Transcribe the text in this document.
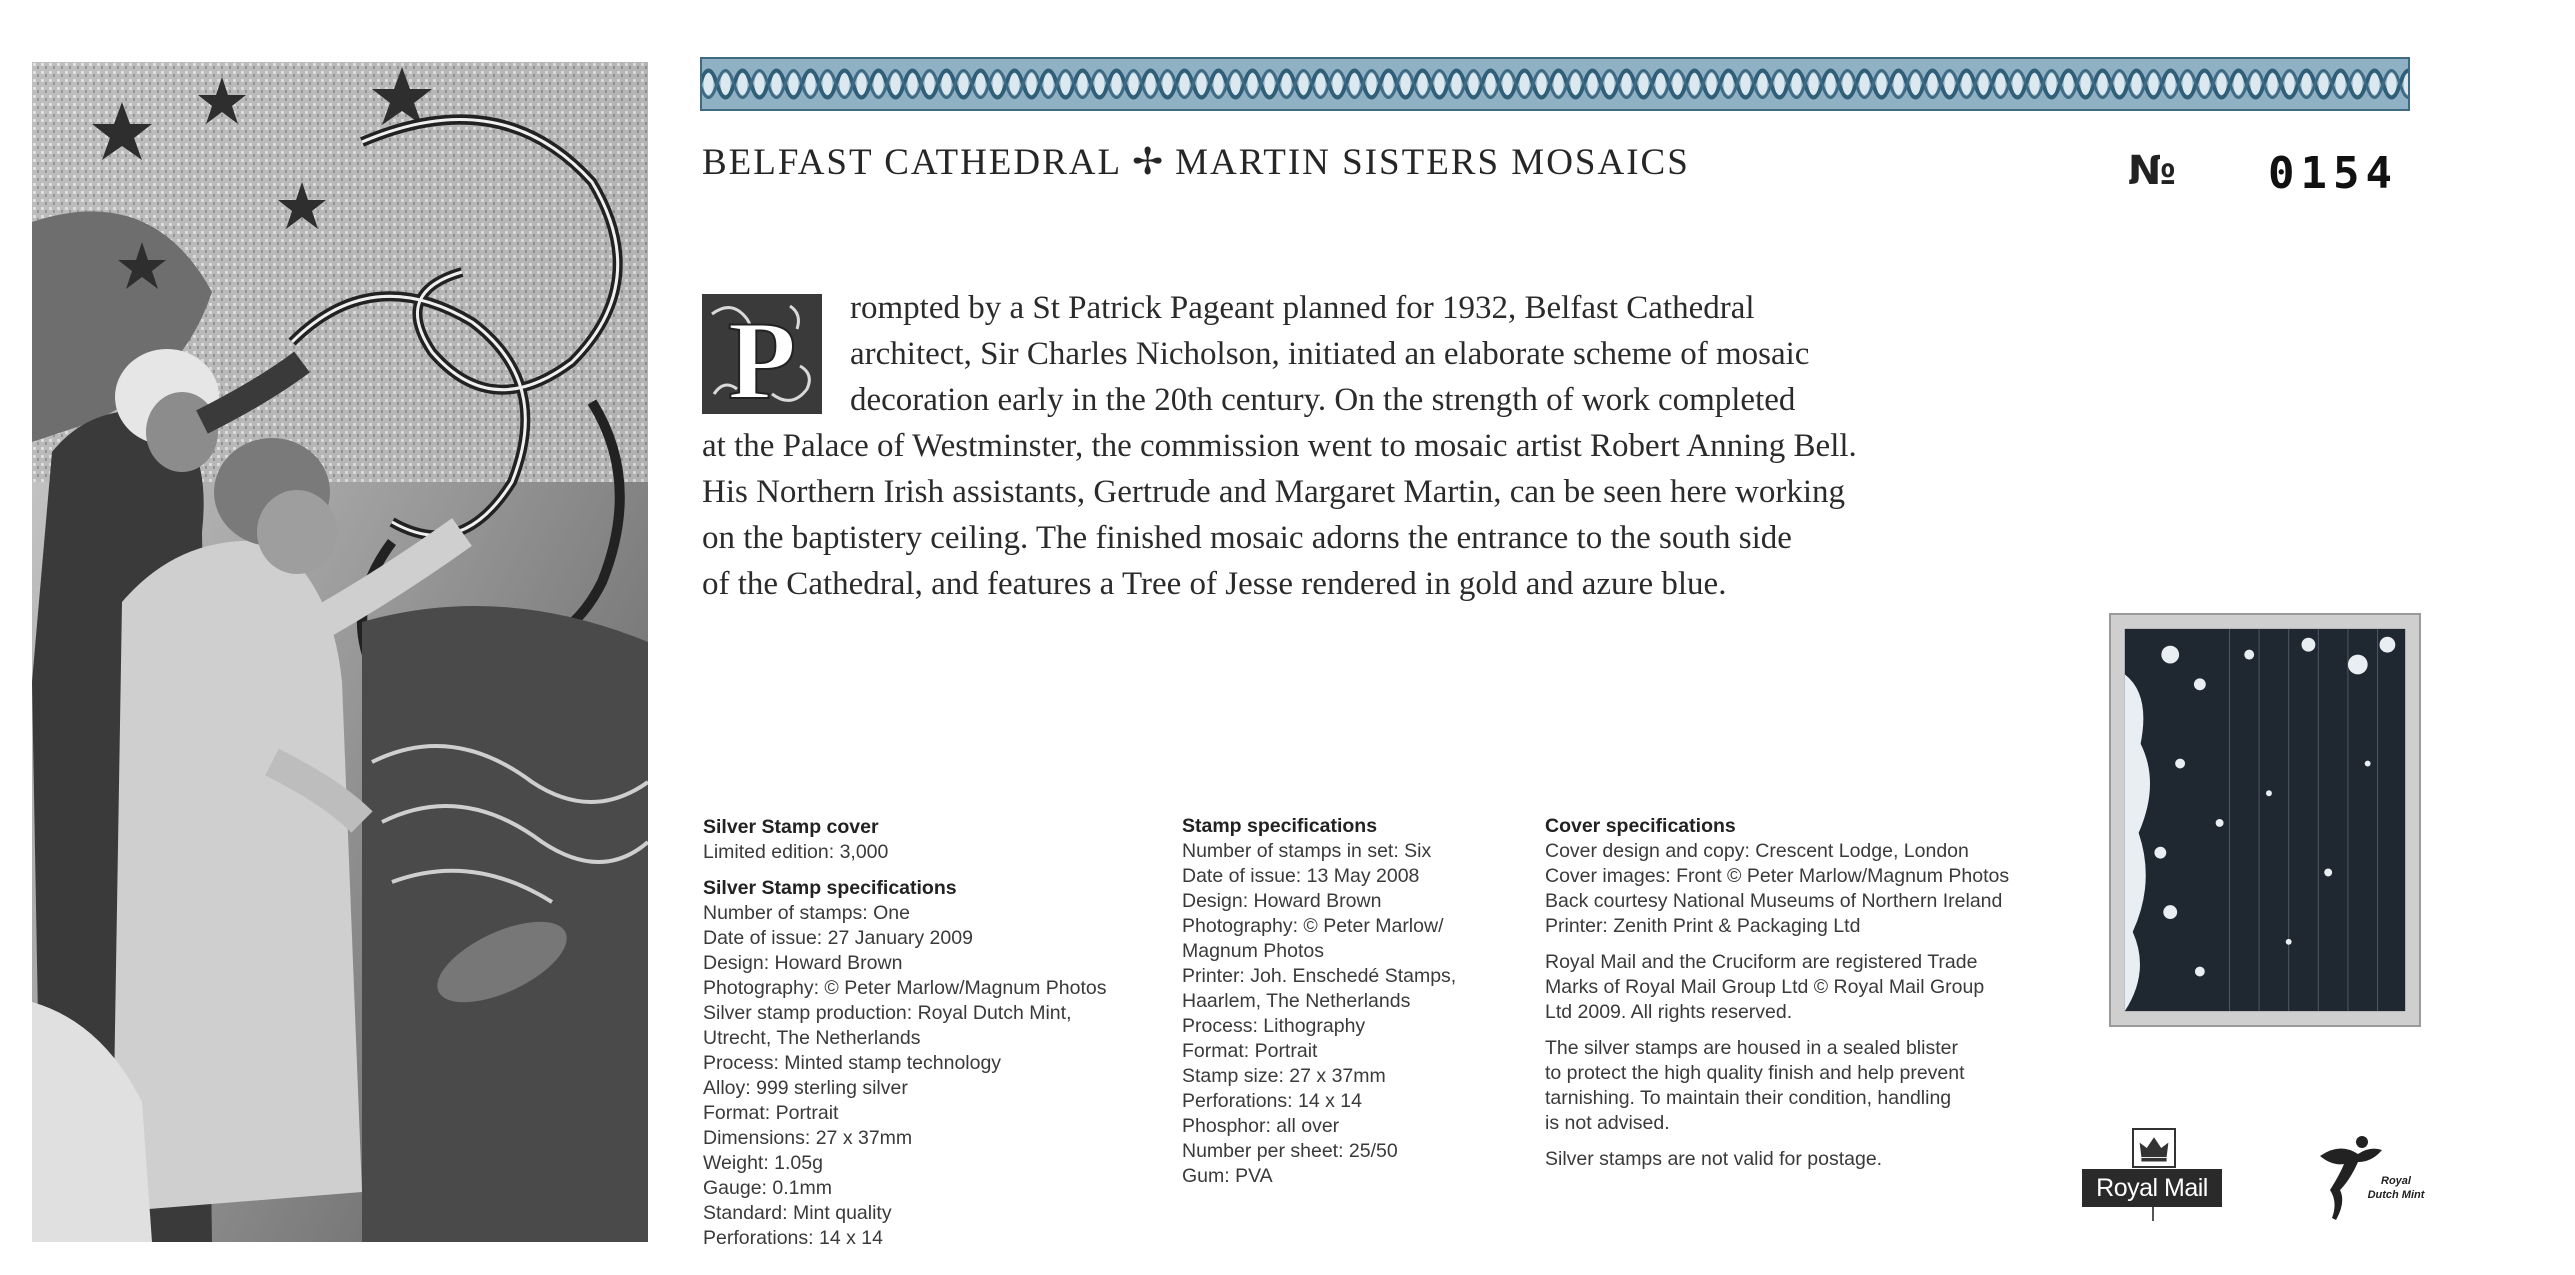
BELFAST CATHEDRAL ✢ MARTIN SISTERS MOSAICS	№ 0154
P	rompted by a St Patrick Pageant planned for 1932, Belfast Cathedral
architect, Sir Charles Nicholson, initiated an elaborate scheme of mosaic
decoration early in the 20th century. On the strength of work completed
at the Palace of Westminster, the commission went to mosaic artist Robert Anning Bell.
His Northern Irish assistants, Gertrude and Margaret Martin, can be seen here working
on the baptistery ceiling. The finished mosaic adorns the entrance to the south side
of the Cathedral, and features a Tree of Jesse rendered in gold and azure blue.
Silver Stamp cover
Limited edition: 3,000
Silver Stamp specifications
Number of stamps: One
Date of issue: 27 January 2009
Design: Howard Brown
Photography: © Peter Marlow/Magnum Photos
Silver stamp production: Royal Dutch Mint,
Utrecht, The Netherlands
Process: Minted stamp technology
Alloy: 999 sterling silver
Format: Portrait
Dimensions: 27 x 37mm
Weight: 1.05g
Gauge: 0.1mm
Standard: Mint quality
Perforations: 14 x 14
Stamp specifications
Number of stamps in set: Six
Date of issue: 13 May 2008
Design: Howard Brown
Photography: © Peter Marlow/
Magnum Photos
Printer: Joh. Enschedé Stamps,
Haarlem, The Netherlands
Process: Lithography
Format: Portrait
Stamp size: 27 x 37mm
Perforations: 14 x 14
Phosphor: all over
Number per sheet: 25/50
Gum: PVA
Cover specifications
Cover design and copy: Crescent Lodge, London
Cover images: Front © Peter Marlow/Magnum Photos
Back courtesy National Museums of Northern Ireland
Printer: Zenith Print & Packaging Ltd
Royal Mail and the Cruciform are registered Trade
Marks of Royal Mail Group Ltd © Royal Mail Group
Ltd 2009. All rights reserved.
The silver stamps are housed in a sealed blister
to protect the high quality finish and help prevent
tarnishing. To maintain their condition, handling
is not advised.
Silver stamps are not valid for postage.
Royal Mail	Royal
Dutch Mint
